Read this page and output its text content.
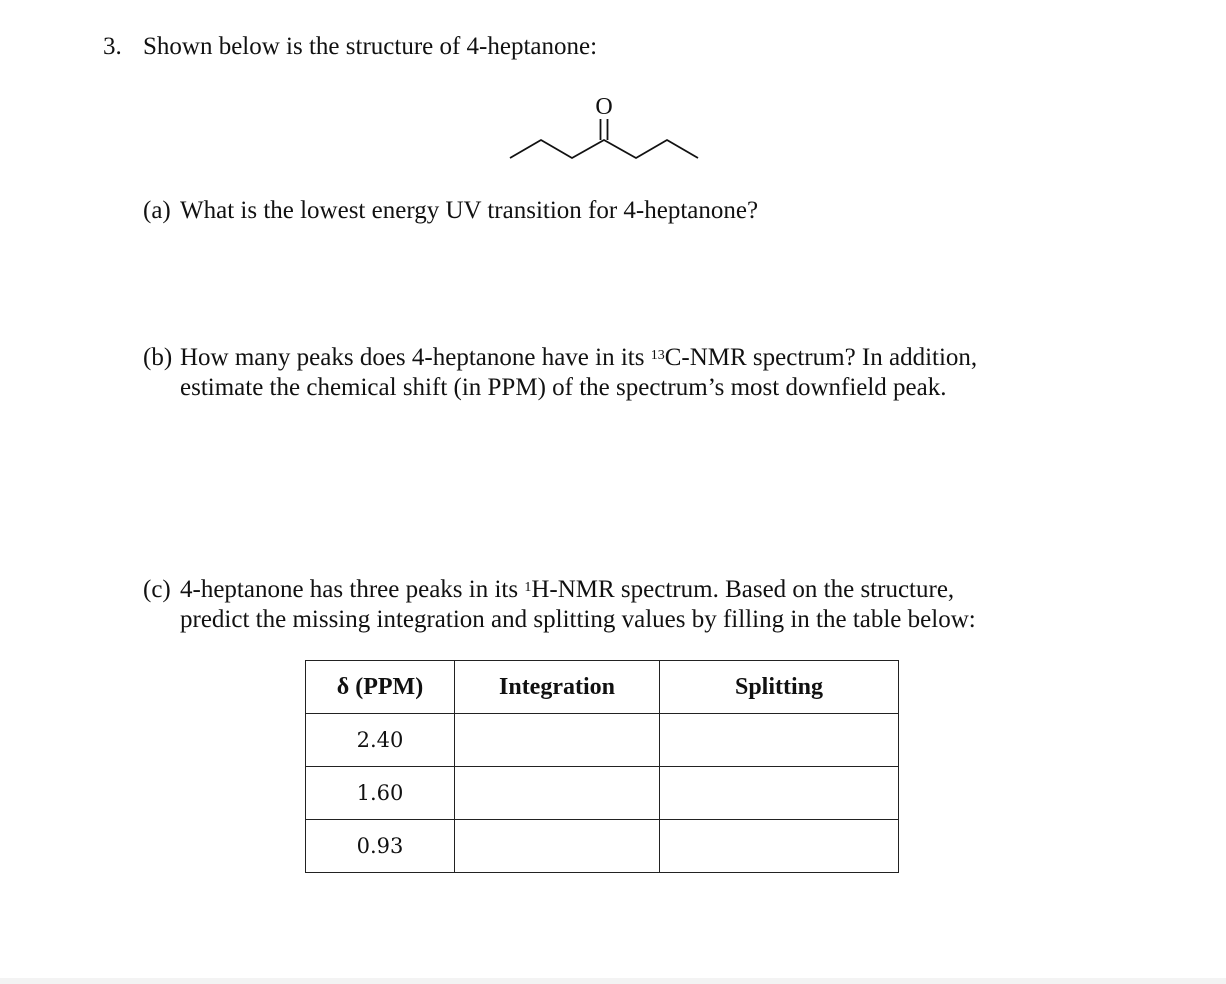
3. Shown below is the structure of 4-heptanone:
O
(a) What is the lowest energy UV transition for 4-heptanone?
(b) How many peaks does 4-heptanone have in its $^{13}$C-NMR spectrum? In addition,
estimate the chemical shift (in PPM) of the spectrum’s most downfield peak.
(c) 4-heptanone has three peaks in its $^1$H-NMR spectrum. Based on the structure,
predict the missing integration and splitting values by filling in the table below:
δ (PPM)	Integration	Splitting
2.40		
1.60		
0.93		
